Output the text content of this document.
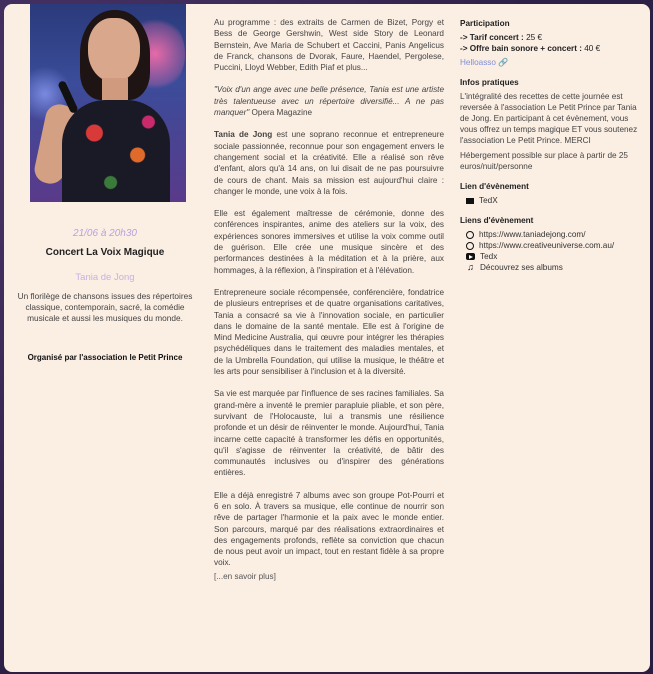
21/06 à 20h30
Concert La Voix Magique
Tania de Jong
Un florilège de chansons issues des répertoires classique, contemporain, sacré, la comédie musicale et aussi les musiques du monde.
Organisé par l'association le Petit Prince

Au programme : des extraits de Carmen de Bizet, Porgy et Bess de George Gershwin, West side Story de Leonard Bernstein, Ave Maria de Schubert et Caccini, Panis Angelicus de Franck, chansons de Dvorak, Faure, Haendel, Pergolese, Puccini, Lloyd Webber, Edith Piaf et plus...

"Voix d'un ange avec une belle présence, Tania est une artiste très talentueuse avec un répertoire diversifié... A ne pas manquer" Opera Magazine

Tania de Jong est une soprano reconnue et entrepreneure sociale passionnée, reconnue pour son engagement envers le changement social et la créativité. Elle a réalisé son rêve d'enfant, alors qu'à 14 ans, on lui disait de ne pas poursuivre de cours de chant. Mais sa mission est aujourd'hui claire : changer le monde, une voix à la fois.

Elle est également maîtresse de cérémonie, donne des conférences inspirantes, anime des ateliers sur la voix, des expériences sonores immersives et utilise la voix comme outil de guérison. Elle crée une musique sincère et des performances destinées à la méditation et à la prière, aux hommages, à la réflexion, à l'inspiration et à l'élévation.

Entrepreneure sociale récompensée, conférencière, fondatrice de plusieurs entreprises et de quatre organisations caritatives, Tania a consacré sa vie à l'innovation sociale, en particulier dans le domaine de la santé mentale. Elle est à l'origine de Mind Medicine Australia, qui œuvre pour intégrer les thérapies psychédéliques dans le traitement des maladies mentales, et de la Umbrella Foundation, qui utilise la musique, le théâtre et les arts pour sensibiliser à l'inclusion et à la diversité.

Sa vie est marquée par l'influence de ses racines familiales. Sa grand-mère a inventé le premier parapluie pliable, et son père, survivant de l'Holocauste, lui a transmis une résilience profonde et un désir de réinventer le monde. Aujourd'hui, Tania incarne cette capacité à transformer les défis en opportunités, qu'il s'agisse de réinventer la créativité, de bâtir des communautés inclusives ou d'inspirer des générations entières.

Elle a déjà enregistré 7 albums avec son groupe Pot-Pourri et 6 en solo. À travers sa musique, elle continue de nourrir son rêve de partager l'harmonie et la paix avec le monde entier. Son parcours, marqué par des réalisations extraordinaires et des engagements profonds, reflète sa conviction que chacun de nous peut avoir un impact, tout en restant fidèle à sa propre voix.

[...en savoir plus]
Participation
-> Tarif concert : 25 €
-> Offre bain sonore + concert : 40 €
Helloasso 🔗
Infos pratiques
L'intégralité des recettes de cette journée est reversée à l'association Le Petit Prince par Tania de Jong. En participant à cet évènement, vous vous offrez un temps magique ET vous soutenez l'association Le Petit Prince. MERCI
Hébergement possible sur place à partir de 25 euros/nuit/personne
Lien d'évènement
TedX
Liens d'évènement
https://www.taniadejong.com/
https://www.creativeuniverse.com.au/
Tedx
♫ Découvrez ses albums
